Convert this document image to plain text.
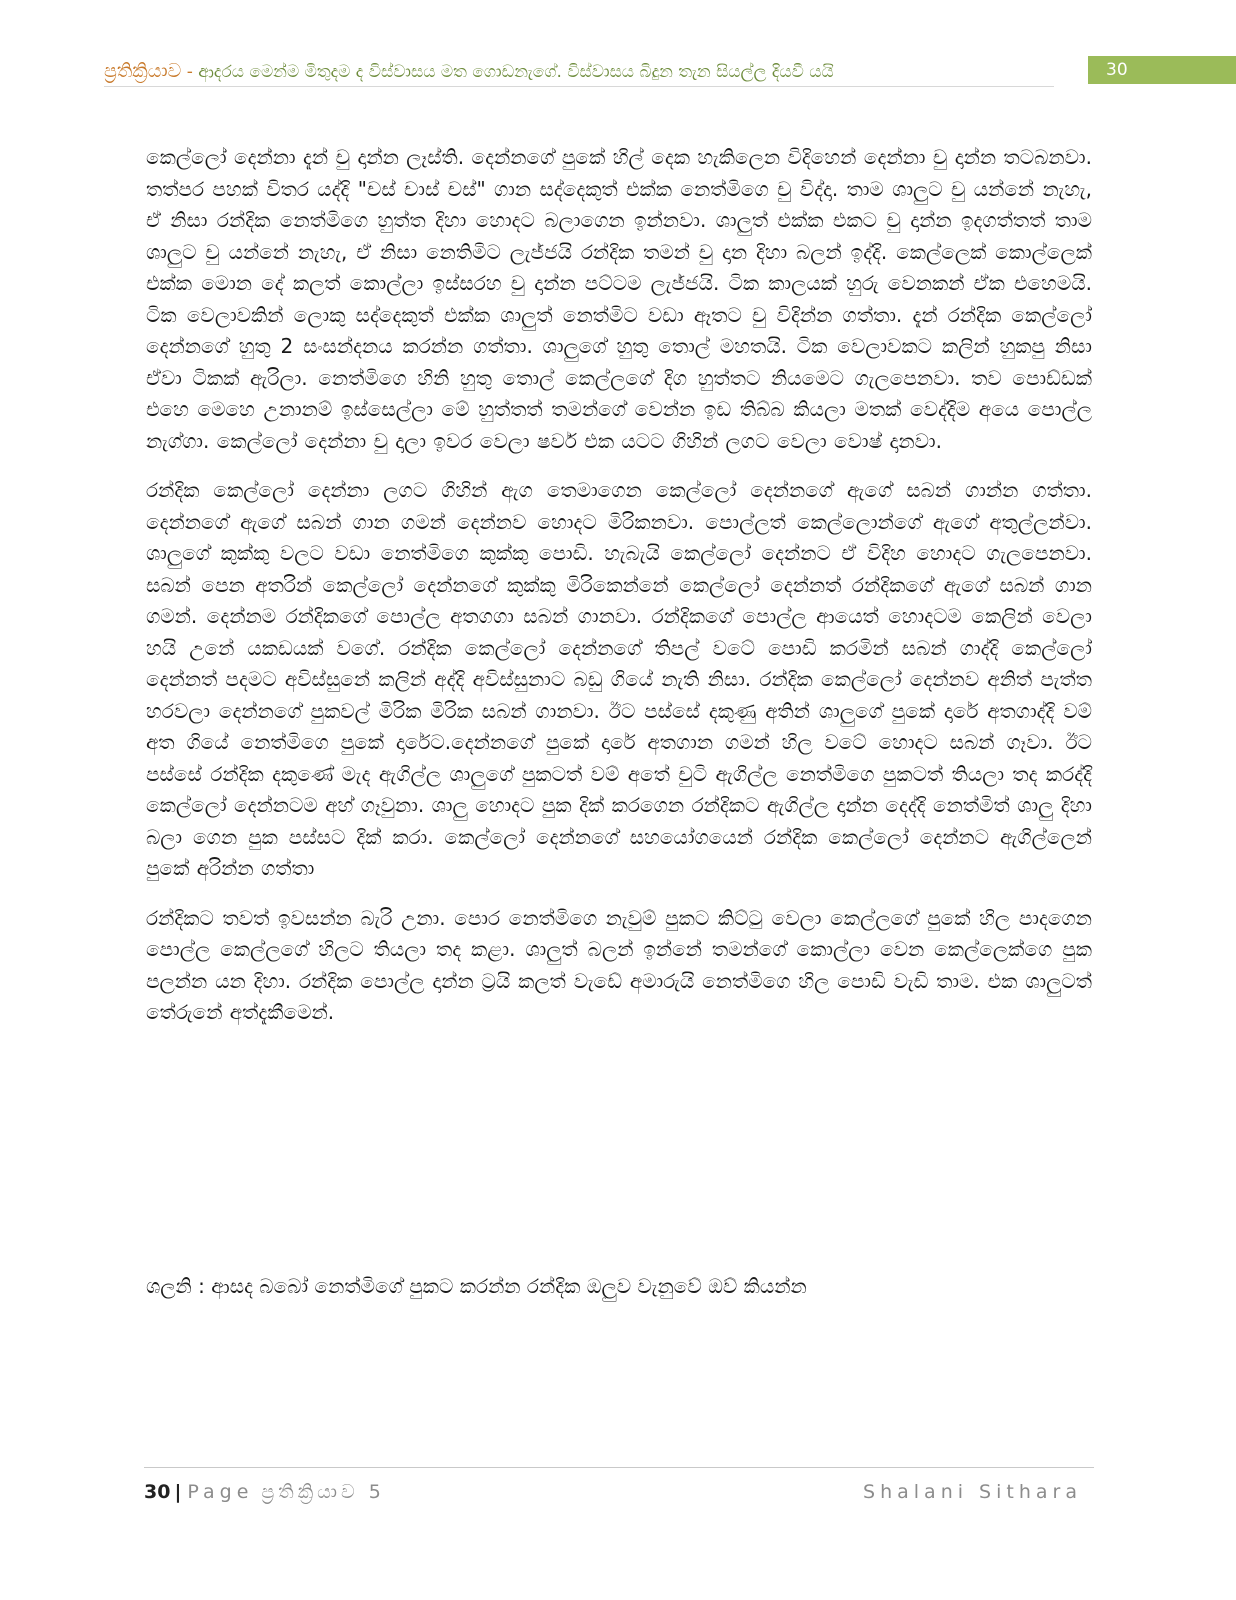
ප්‍රතික්‍රියාව - ආදරය මෙන්ම මිතුදම ද විස්වාසය මත ගොඩනැගේ. විස්වාසය බිදුන තැන සියල්ල දියවී යයි	30

කෙල්ලෝ දෙන්නා දැන් චු දාන්න ලෑස්ති. දෙන්නගේ පුකේ හිල් දෙක හැකිලෙන විදිහෙන් දෙන්නා චු දාන්න තටබනවා. තත්පර පහක් විතර යද්දි "චස් චාස් චස්" ගාන සද්දෙකුත් එක්ක නෙත්මිගෙ චු විද්දා. තාම ශාලුට චු යන්නේ නැහැ, ඒ නිසා රන්දික නෙත්මිගෙ හුත්ත දිහා හොදට බලාගෙන ඉන්නවා. ශාලුත් එක්ක එකට චු දාන්න ඉදගත්තත් තාම ශාලුට චු යන්නේ නැහැ, ඒ නිසා නෙතිමිට ලැජ්ජයි රන්දික තමන් චු දාන දිහා බලන් ඉද්දි. කෙල්ලෙක් කොල්ලෙක් එක්ක මොන දේ කලත් කොල්ලා ඉස්සරහ චු දාන්න පට්ටම ලැජ්ජයි. ටික කාලයක් හුරු වෙනකන් ඒක එහෙමයි. ටික වෙලාවකින් ලොකු සද්දෙකුත් එක්ක ශාලුත් නෙත්මිට වඩා ඈතට චු විදින්න ගත්තා. දැන් රන්දික කෙල්ලෝ දෙන්නගේ හුතු 2 සංසන්දනය කරන්න ගත්තා. ශාලුගේ හුතු තොල් මහතයි. ටික වෙලාවකට කලින් හුකපු නිසා ඒවා ටිකක් ඇරිලා. නෙත්මිගෙ හිනි හුතු තොල් කෙල්ලගේ දිග හුත්තට නියමෙට ගැලපෙනවා. තව පොඩ්ඩක් එහෙ මෙහෙ උනානම් ඉස්සෙල්ලා මේ හුත්තත් තමන්ගේ වෙන්න ඉඩ තිබ්බ කියලා මතක් වෙද්දිම අයෙ පොල්ල නැග්ගා. කෙල්ලෝ දෙන්නා චු දාලා ඉවර වෙලා ෂවර් එක යටට ගිහින් ලගට වෙලා වොෂ් දානවා.

රන්දික කෙල්ලෝ දෙන්නා ලගට ගිහින් ඇග තෙමාගෙන කෙල්ලෝ දෙන්නගේ ඇගේ සබන් ගාන්න ගත්තා. දෙන්නගේ ඇගේ සබන් ගාන ගමන් දෙන්නව හොදට මිරිකනවා. පොල්ලත් කෙල්ලොන්ගේ ඇගේ අතුල්ලන්වා. ශාලුගේ කුක්කු වලට වඩා නෙත්මිගෙ කුක්කු පොඩි. හැබැයි කෙල්ලෝ දෙන්නට ඒ විදිහ හොදට ගැලපෙනවා. සබන් පෙන අතරින් කෙල්ලෝ දෙන්නගේ කුක්කු මිරිකෙන්නේ කෙල්ලෝ දෙන්නත් රන්දිකගේ ඇගේ සබන් ගාන ගමන්. දෙන්නම රන්දිකගේ පොල්ල අතගගා සබන් ගානවා. රන්දිකගේ පොල්ල ආයෙත් හොදටම කෙලින් වෙලා හයි උනේ යකඩයක් වගේ. රන්දික කෙල්ලෝ දෙන්නගේ තිපල් වටේ පොඩි කරමින් සබන් ගාද්දි කෙල්ලෝ දෙන්නත් පදමට අවිස්සුනේ කලින් අද්දි අවිස්සුනාට බඩු ගියේ නැති නිසා. රන්දික කෙල්ලෝ දෙන්නව අනිත් පැත්ත හරවලා දෙන්නගේ පුකවල් මිරික මිරික සබන් ගානවා. ඊට පස්සේ දකුණු අතින් ශාලුගේ පුකේ දාරේ අතගාද්දි වම් අත ගියේ නෙත්මිගෙ පුකේ දාරේට.දෙන්නගේ පුකේ දාරේ අතගාන ගමන් හිල වටේ හොදට සබන් ගෑවා. ඊට පස්සේ රන්දික දකුණේ මැද ඇගිල්ල ශාලුගේ පුකටත් වම් අතේ චුටි ඇගිල්ල නෙත්මිගෙ පුකටත් තියලා තද කරද්දි කෙල්ලෝ දෙන්නටම අහ් ගෑවුනා. ශාලු හොදට පුක දික් කරගෙන රන්දිකට ඇගිල්ල දාන්න දෙද්දි නෙත්මිත් ශාලු දිහා බලා ගෙන පුක පස්සට දික් කරා. කෙල්ලෝ දෙන්නගේ සහයෝගයෙන් රන්දික කෙල්ලෝ දෙන්නට ඇගිල්ලෙන් පුකේ අරින්න ගත්තා

රන්දිකට තවත් ඉවසන්න බැරි උනා. පොර නෙත්මිගෙ නැවුම් පුකට කිට්ටු වෙලා කෙල්ලගේ පුකේ හිල පාදගෙන පොල්ල කෙල්ලගේ හිලට තියලා තද කළා. ශාලුත් බලන් ඉන්නේ තමන්ගේ කොල්ලා වෙන කෙල්ලෙක්ගෙ පුක පලන්න යන දිහා. රන්දික පොල්ල දාන්න ට්‍රයි කලත් වැඩේ අමාරුයි නෙත්මිගෙ හිල පොඩි වැඩි තාම. එක ශාලුටත් තේරුනේ අත්දැකීමෙන්.

ශලනි : ආසද බබෝ නෙත්මිගේ පුකට කරන්න රන්දික ඔලුව වැනුවේ ඔව් කියන්න
30 | Page ප්‍රතික්‍රියාව 5	Shalani Sithara
